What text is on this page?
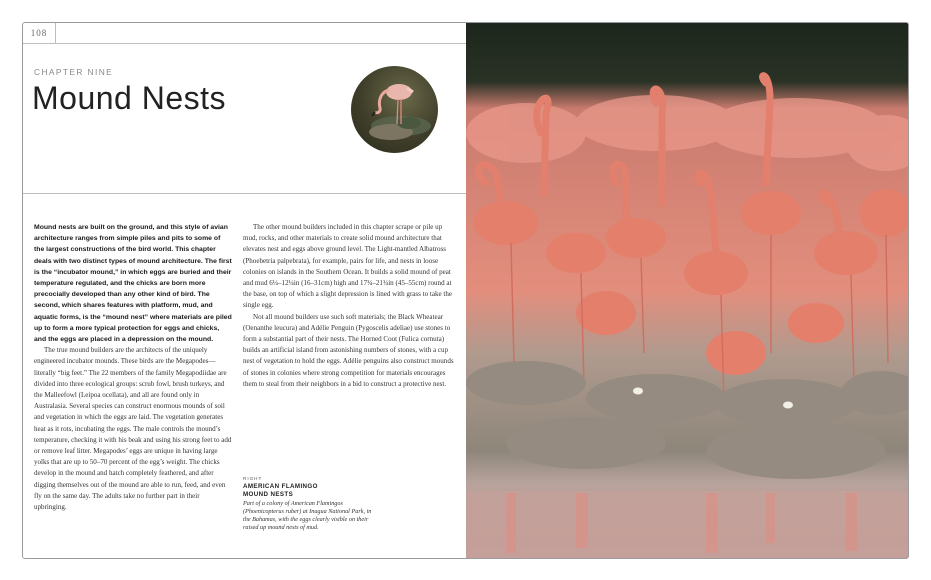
108
CHAPTER NINE
Mound Nests

Mound nests are built on the ground, and this style of avian architecture ranges from simple piles and pits to some of the largest constructions of the bird world. This chapter deals with two distinct types of mound architecture. The first is the “incubator mound,” in which eggs are buried and their temperature regulated, and the chicks are born more precocially developed than any other kind of bird. The second, which shares features with platform, mud, and aquatic forms, is the “mound nest” where materials are piled up to form a more typical protection for eggs and chicks, and the eggs are placed in a depression on the mound.

The true mound builders are the architects of the uniquely engineered incubator mounds. These birds are the Megapodes—literally “big feet.” The 22 members of the family Megapodiidae are divided into three ecological groups: scrub fowl, brush turkeys, and the Malleefowl (Leipoa ocellata), and all are found only in Australasia. Several species can construct enormous mounds of soil and vegetation in which the eggs are laid. The vegetation generates heat as it rots, incubating the eggs. The male controls the mound’s temperature, checking it with his beak and using his strong feet to add or remove leaf litter. Megapodes’ eggs are unique in having large yolks that are up to 50–70 percent of the egg’s weight. The chicks develop in the mound and hatch completely feathered, and after digging themselves out of the mound are able to run, feed, and even fly on the same day. The adults take no further part in their upbringing.

The other mound builders included in this chapter scrape or pile up mud, rocks, and other materials to create solid mound architecture that elevates nest and eggs above ground level. The Light-mantled Albatross (Phoebetria palpebrata), for example, pairs for life, and nests in loose colonies on islands in the Southern Ocean. It builds a solid mound of peat and mud 6¼–12¼in (16–31cm) high and 17¾–21¾in (45–55cm) round at the base, on top of which a slight depression is lined with grass to take the single egg.

Not all mound builders use such soft materials; the Black Wheatear (Oenanthe leucura) and Adélie Penguin (Pygoscelis adeliae) use stones to form a substantial part of their nests. The Horned Coot (Fulica cornuta) builds an artificial island from astonishing numbers of stones, with a cup nest of vegetation to hold the eggs. Adélie penguins also construct mounds of stones in colonies where strong competition for materials encourages them to steal from their neighbors in a bid to construct a protective nest.

RIGHT
AMERICAN FLAMINGO
MOUND NESTS
Part of a colony of American Flamingos (Phoenicopterus ruber) at Inagua National Park, in the Bahamas, with the eggs clearly visible on their raised up mound nests of mud.
